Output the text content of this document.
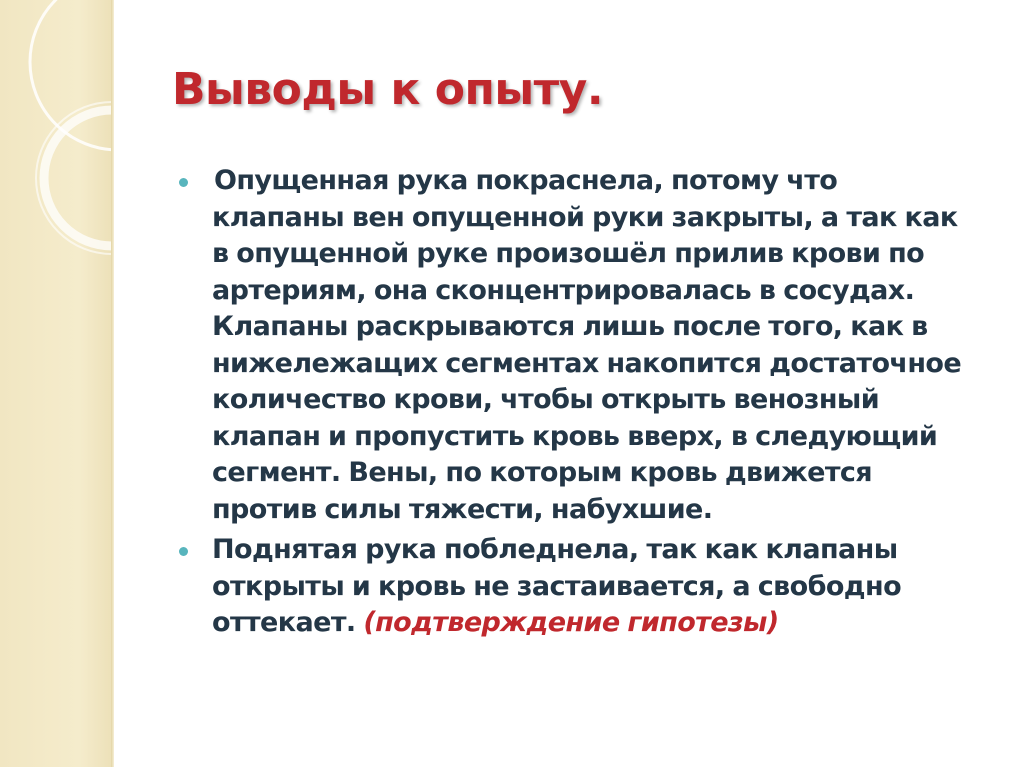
Выводы к опыту.
Опущенная рука покраснела, потому что клапаны вен опущенной руки закрыты, а так как в опущенной руке произошёл прилив крови по артериям, она сконцентрировалась в сосудах. Клапаны раскрываются лишь после того, как в нижележащих сегментах накопится достаточное количество крови, чтобы открыть венозный клапан и пропустить кровь вверх, в следующий сегмент. Вены, по которым кровь движется против силы тяжести, набухшие.
Поднятая рука побледнела, так как клапаны открыты и кровь не застаивается, а свободно оттекает. (подтверждение гипотезы)
